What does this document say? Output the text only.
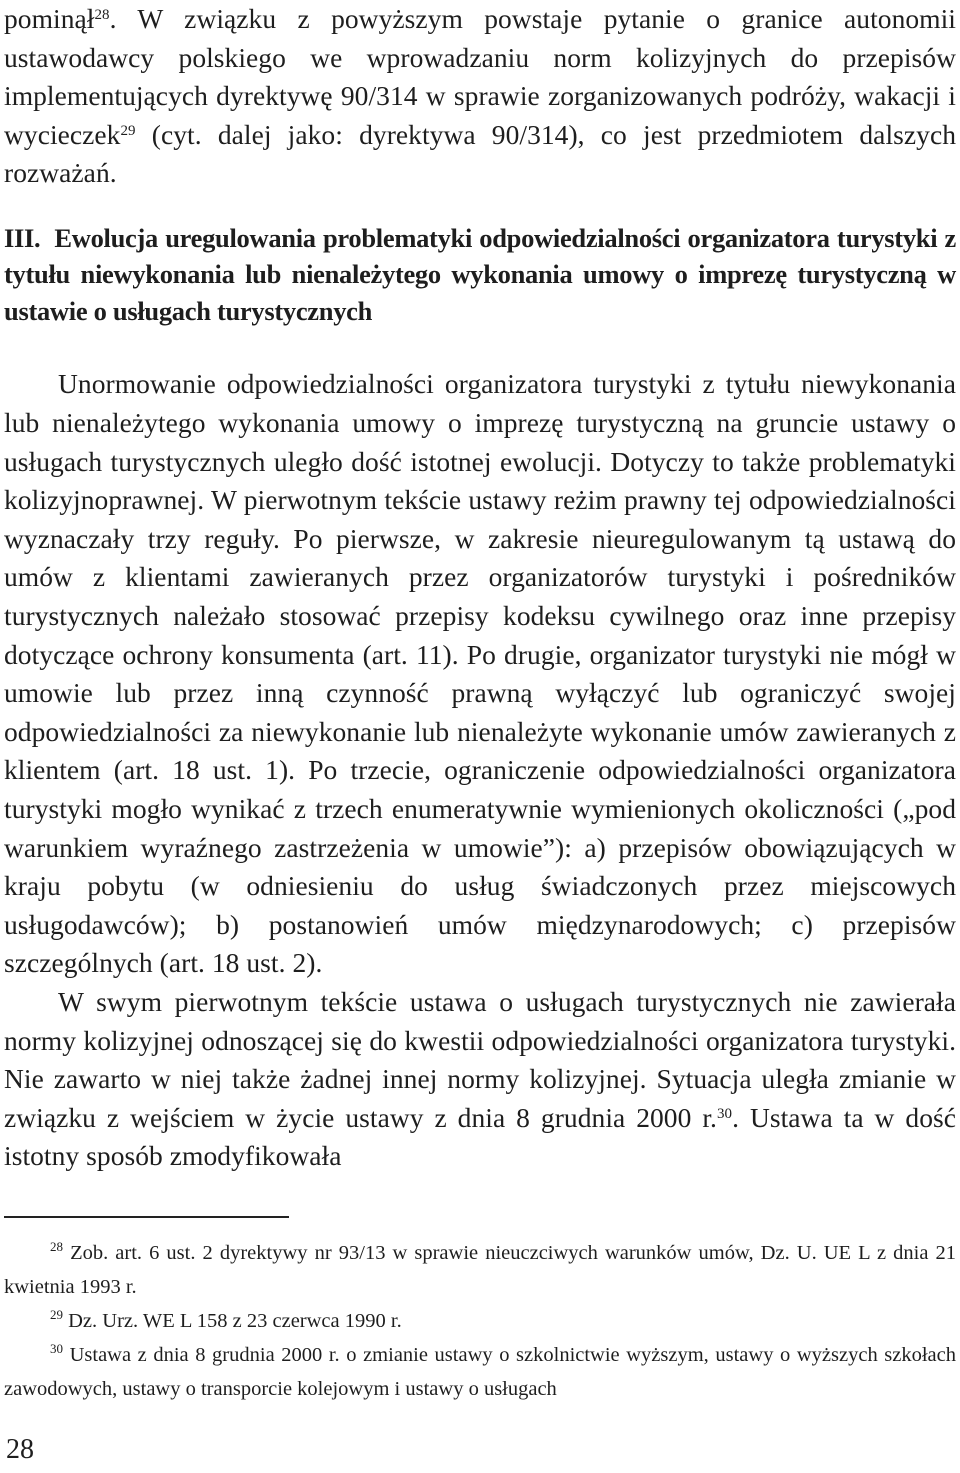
pominął$^{28}$. W związku z powyższym powstaje pytanie o granice autonomii ustawodawcy polskiego we wprowadzaniu norm kolizyjnych do przepisów implementujących dyrektywę 90/314 w sprawie zorganizowanych podróży, wakacji i wycieczek$^{29}$ (cyt. dalej jako: dyrektywa 90/314), co jest przedmiotem dalszych rozważań.

III. Ewolucja uregulowania problematyki odpowiedzialności organizatora turystyki z tytułu niewykonania lub nienależytego wykonania umowy o imprezę turystyczną w ustawie o usługach turystycznych

Unormowanie odpowiedzialności organizatora turystyki z tytułu niewykonania lub nienależytego wykonania umowy o imprezę turystyczną na gruncie ustawy o usługach turystycznych uległo dość istotnej ewolucji. Dotyczy to także problematyki kolizyjnoprawnej. W pierwotnym tekście ustawy reżim prawny tej odpowiedzialności wyznaczały trzy reguły. Po pierwsze, w zakresie nieuregulowanym tą ustawą do umów z klientami zawieranych przez organizatorów turystyki i pośredników turystycznych należało stosować przepisy kodeksu cywilnego oraz inne przepisy dotyczące ochrony konsumenta (art. 11). Po drugie, organizator turystyki nie mógł w umowie lub przez inną czynność prawną wyłączyć lub ograniczyć swojej odpowiedzialności za niewykonanie lub nienależyte wykonanie umów zawieranych z klientem (art. 18 ust. 1). Po trzecie, ograniczenie odpowiedzialności organizatora turystyki mogło wynikać z trzech enumeratywnie wymienionych okoliczności („pod warunkiem wyraźnego zastrzeżenia w umowie”): a) przepisów obowiązujących w kraju pobytu (w odniesieniu do usług świadczonych przez miejscowych usługodawców); b) postanowień umów międzynarodowych; c) przepisów szczególnych (art. 18 ust. 2).

W swym pierwotnym tekście ustawa o usługach turystycznych nie zawierała normy kolizyjnej odnoszącej się do kwestii odpowiedzialności organizatora turystyki. Nie zawarto w niej także żadnej innej normy kolizyjnej. Sytuacja uległa zmianie w związku z wejściem w życie ustawy z dnia 8 grudnia 2000 r.$^{30}$. Ustawa ta w dość istotny sposób zmodyfikowała

$^{28}$ Zob. art. 6 ust. 2 dyrektywy nr 93/13 w sprawie nieuczciwych warunków umów, Dz. U. UE L z dnia 21 kwietnia 1993 r.

$^{29}$ Dz. Urz. WE L 158 z 23 czerwca 1990 r.

$^{30}$ Ustawa z dnia 8 grudnia 2000 r. o zmianie ustawy o szkolnictwie wyższym, ustawy o wyższych szkołach zawodowych, ustawy o transporcie kolejowym i ustawy o usługach

28
